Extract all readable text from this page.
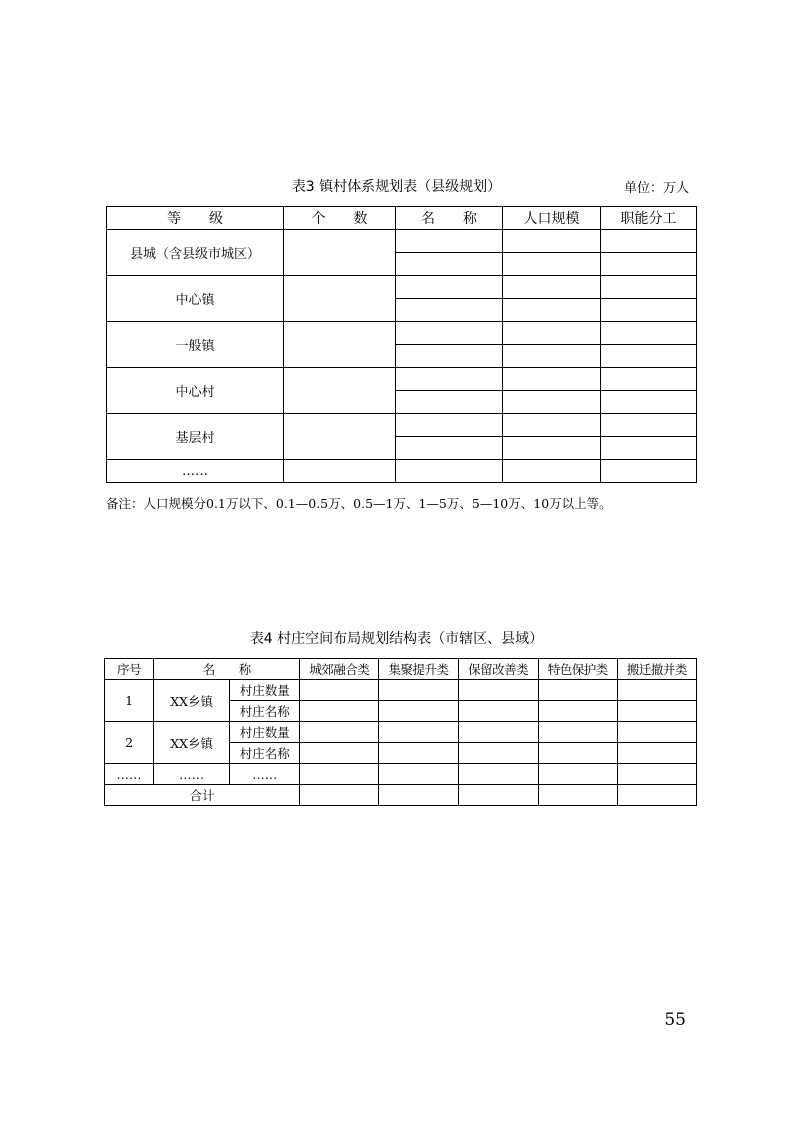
表3 镇村体系规划表（县级规划）	单位：万人
等　　级	个　　数	名　　称	人口规模	职能分工
县城（含县级市城区）				

中心镇				

一般镇				

中心村				

基层村				

……				
备注：人口规模分0.1万以下、0.1—0.5万、0.5—1万、1—5万、5—10万、10万以上等。
表4 村庄空间布局规划结构表（市辖区、县域）
序号	名　　称		城郊融合类	集聚提升类	保留改善类	特色保护类	搬迁撤并类
1	XX乡镇	村庄数量					
		村庄名称					
2	XX乡镇	村庄数量					
		村庄名称					
……	……	……					
合计							
55
